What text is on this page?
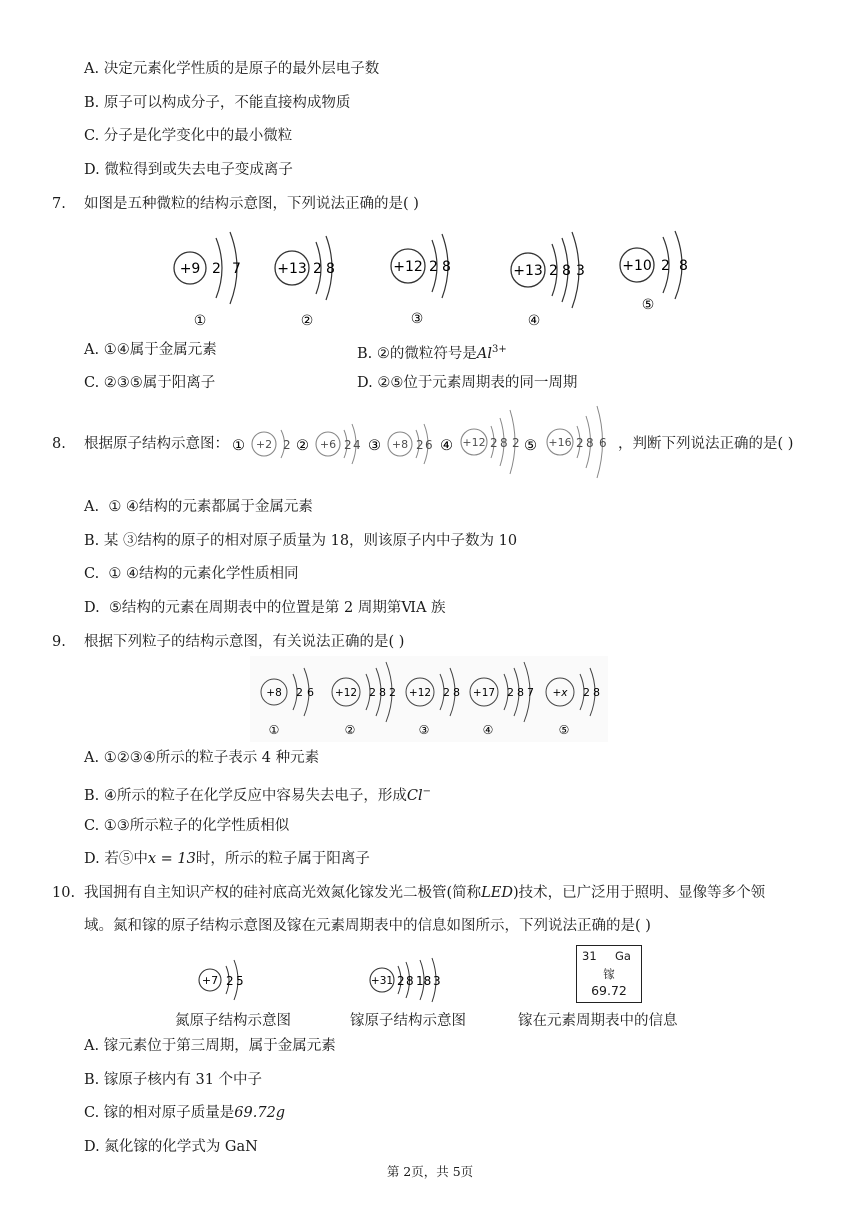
A. 决定元素化学性质的是原子的最外层电子数
B. 原子可以构成分子，不能直接构成物质
C. 分子是化学变化中的最小微粒
D. 微粒得到或失去电子变成离子
7. 如图是五种微粒的结构示意图，下列说法正确的是( )
+9 2 7
①
+13 2 8
②
+12 2 8
③
+13 2 8 3
④
+10 2 8
⑤
A. ①④属于金属元素	B. ②的微粒符号是$Al^{3+}$
C. ②③⑤属于阳离子	D. ②⑤位于元素周期表的同一周期
8. 根据原子结构示意图： ① +2 2 ② +6 2 4 ③ +8 2 6 ④ +12 2 8 2 ⑤ +16 2 8 6 ，判断下列说法正确的是( )
A. ① ④结构的元素都属于金属元素
B. 某 ③结构的原子的相对原子质量为 18，则该原子内中子数为 10
C. ① ④结构的元素化学性质相同
D. ⑤结构的元素在周期表中的位置是第 2 周期第ⅥA 族
9. 根据下列粒子的结构示意图，有关说法正确的是( )
+8 2 6
①
+12 2 8 2
②
+12 2 8
③
+17 2 8 7
④
+x 2 8
⑤
A. ①②③④所示的粒子表示 4 种元素
B. ④所示的粒子在化学反应中容易失去电子，形成Cl−
C. ①③所示粒子的化学性质相似
D. 若⑤中x = 13时，所示的粒子属于阳离子
10. 我国拥有自主知识产权的硅衬底高光效氮化镓发光二极管(简称LED)技术，已广泛用于照明、显像等多个领
域。氮和镓的原子结构示意图及镓在元素周期表中的信息如图所示，下列说法正确的是( )
+7 2 5
氮原子结构示意图
+31 2 8 18 3
镓原子结构示意图
31 Ga
镓
69.72
镓在元素周期表中的信息
A. 镓元素位于第三周期，属于金属元素
B. 镓原子核内有 31 个中子
C. 镓的相对原子质量是69.72g
D. 氮化镓的化学式为 GaN
第 2页，共 5页
